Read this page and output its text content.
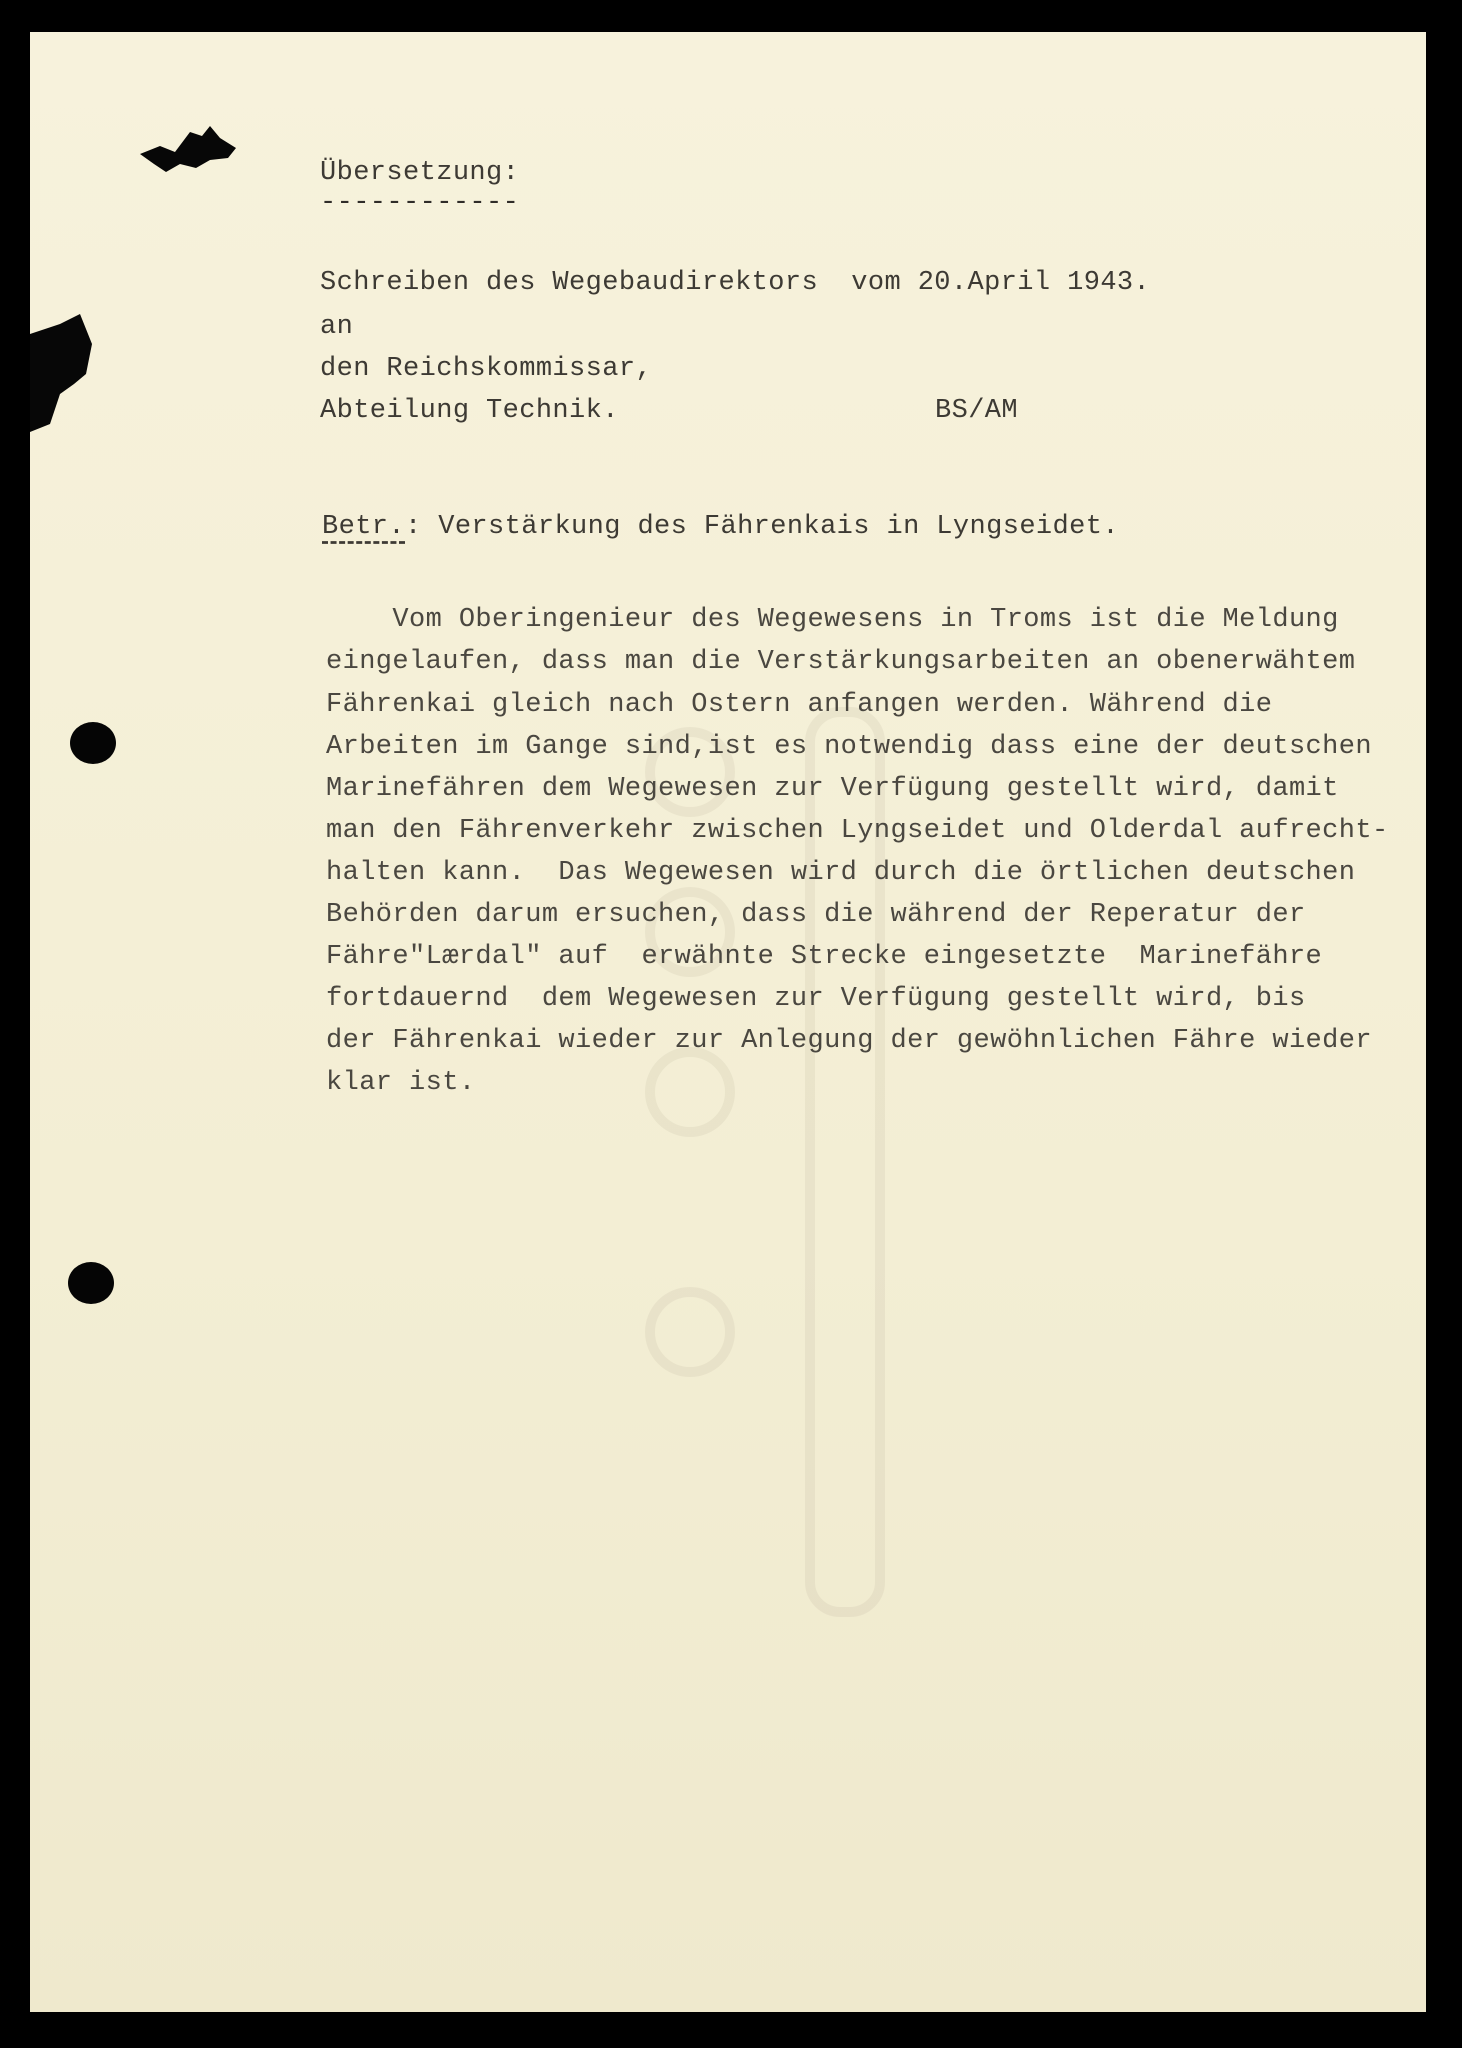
Übersetzung:
------------
Schreiben des Wegebaudirektors  vom 20.April 1943.
an
den Reichskommissar,
Abteilung Technik.	BS/AM
Betr.: Verstärkung des Fährenkais in Lyngseidet.
Vom Oberingenieur des Wegewesens in Troms ist die Meldung
eingelaufen, dass man die Verstärkungsarbeiten an obenerwähtem
Fährenkai gleich nach Ostern anfangen werden. Während die
Arbeiten im Gange sind,ist es notwendig dass eine der deutschen
Marinefähren dem Wegewesen zur Verfügung gestellt wird, damit
man den Fährenverkehr zwischen Lyngseidet und Olderdal aufrecht-
halten kann.  Das Wegewesen wird durch die örtlichen deutschen
Behörden darum ersuchen, dass die während der Reperatur der
Fähre"Lærdal" auf  erwähnte Strecke eingesetzte  Marinefähre
fortdauernd  dem Wegewesen zur Verfügung gestellt wird, bis
der Fährenkai wieder zur Anlegung der gewöhnlichen Fähre wieder
klar ist.
